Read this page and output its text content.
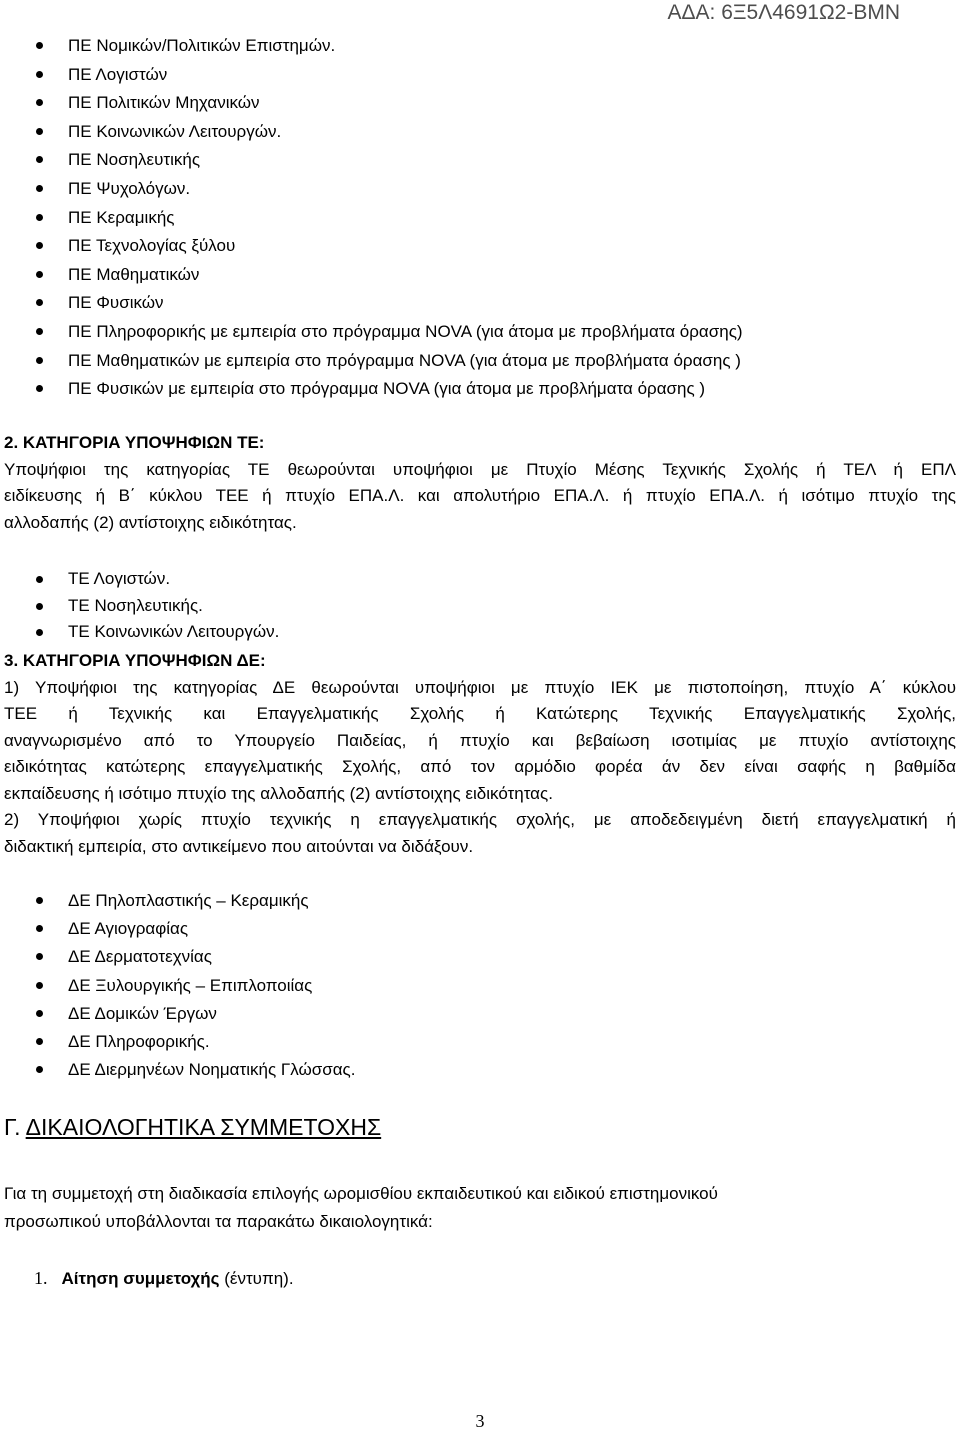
ΑΔΑ: 6Ξ5Λ4691Ω2-ΒΜΝ
ΠΕ Νομικών/Πολιτικών Επιστημών.
ΠΕ Λογιστών
ΠΕ Πολιτικών Μηχανικών
ΠΕ Κοινωνικών Λειτουργών.
ΠΕ Νοσηλευτικής
ΠΕ Ψυχολόγων.
ΠΕ Κεραμικής
ΠΕ Τεχνολογίας ξύλου
ΠΕ Μαθηματικών
ΠΕ Φυσικών
ΠΕ Πληροφορικής με εμπειρία στο πρόγραμμα NOVA (για άτομα με προβλήματα όρασης)
ΠΕ Μαθηματικών με εμπειρία στο πρόγραμμα NOVA (για άτομα με προβλήματα όρασης )
ΠΕ Φυσικών με εμπειρία στο πρόγραμμα NOVA (για άτομα με προβλήματα όρασης )
2. ΚΑΤΗΓΟΡΙΑ ΥΠΟΨΗΦΙΩΝ ΤΕ:
Υποψήφιοι της κατηγορίας ΤΕ θεωρούνται υποψήφιοι με Πτυχίο Μέσης Τεχνικής Σχολής ή ΤΕΛ ή ΕΠΛ
ειδίκευσης ή Β΄ κύκλου ΤΕΕ ή πτυχίο ΕΠΑ.Λ. και απολυτήριο ΕΠΑ.Λ. ή πτυχίο ΕΠΑ.Λ. ή ισότιμο πτυχίο της
αλλοδαπής (2) αντίστοιχης ειδικότητας.
ΤΕ Λογιστών.
ΤΕ Νοσηλευτικής.
ΤΕ Κοινωνικών Λειτουργών.
3. ΚΑΤΗΓΟΡΙΑ ΥΠΟΨΗΦΙΩΝ ΔΕ:
1) Υποψήφιοι της κατηγορίας ΔΕ θεωρούνται υποψήφιοι με πτυχίο ΙΕΚ με πιστοποίηση, πτυχίο Α΄ κύκλου
ΤΕΕ ή Τεχνικής και Επαγγελματικής Σχολής ή Κατώτερης Τεχνικής Επαγγελματικής Σχολής,
αναγνωρισμένο από το Υπουργείο Παιδείας, ή πτυχίο και βεβαίωση ισοτιμίας με πτυχίο αντίστοιχης
ειδικότητας κατώτερης επαγγελματικής Σχολής, από τον αρμόδιο φορέα άν δεν είναι σαφής η βαθμίδα
εκπαίδευσης ή ισότιμο πτυχίο της αλλοδαπής (2) αντίστοιχης ειδικότητας.
2) Υποψήφιοι χωρίς πτυχίο τεχνικής η επαγγελματικής σχολής, με αποδεδειγμένη διετή επαγγελματική ή
διδακτική εμπειρία, στο αντικείμενο που αιτούνται να διδάξουν.
ΔΕ Πηλοπλαστικής – Κεραμικής
ΔΕ Αγιογραφίας
ΔΕ Δερματοτεχνίας
ΔΕ Ξυλουργικής – Επιπλοποιίας
ΔΕ Δομικών Έργων
ΔΕ Πληροφορικής.
ΔΕ Διερμηνέων Νοηματικής Γλώσσας.
Γ. ΔΙΚΑΙΟΛΟΓΗΤΙΚΑ ΣΥΜΜΕΤΟΧΗΣ
Για τη συμμετοχή στη διαδικασία επιλογής ωρομισθίου εκπαιδευτικού και ειδικού επιστημονικού
προσωπικού υποβάλλονται τα παρακάτω δικαιολογητικά:
1. Αίτηση συμμετοχής (έντυπη).
3
